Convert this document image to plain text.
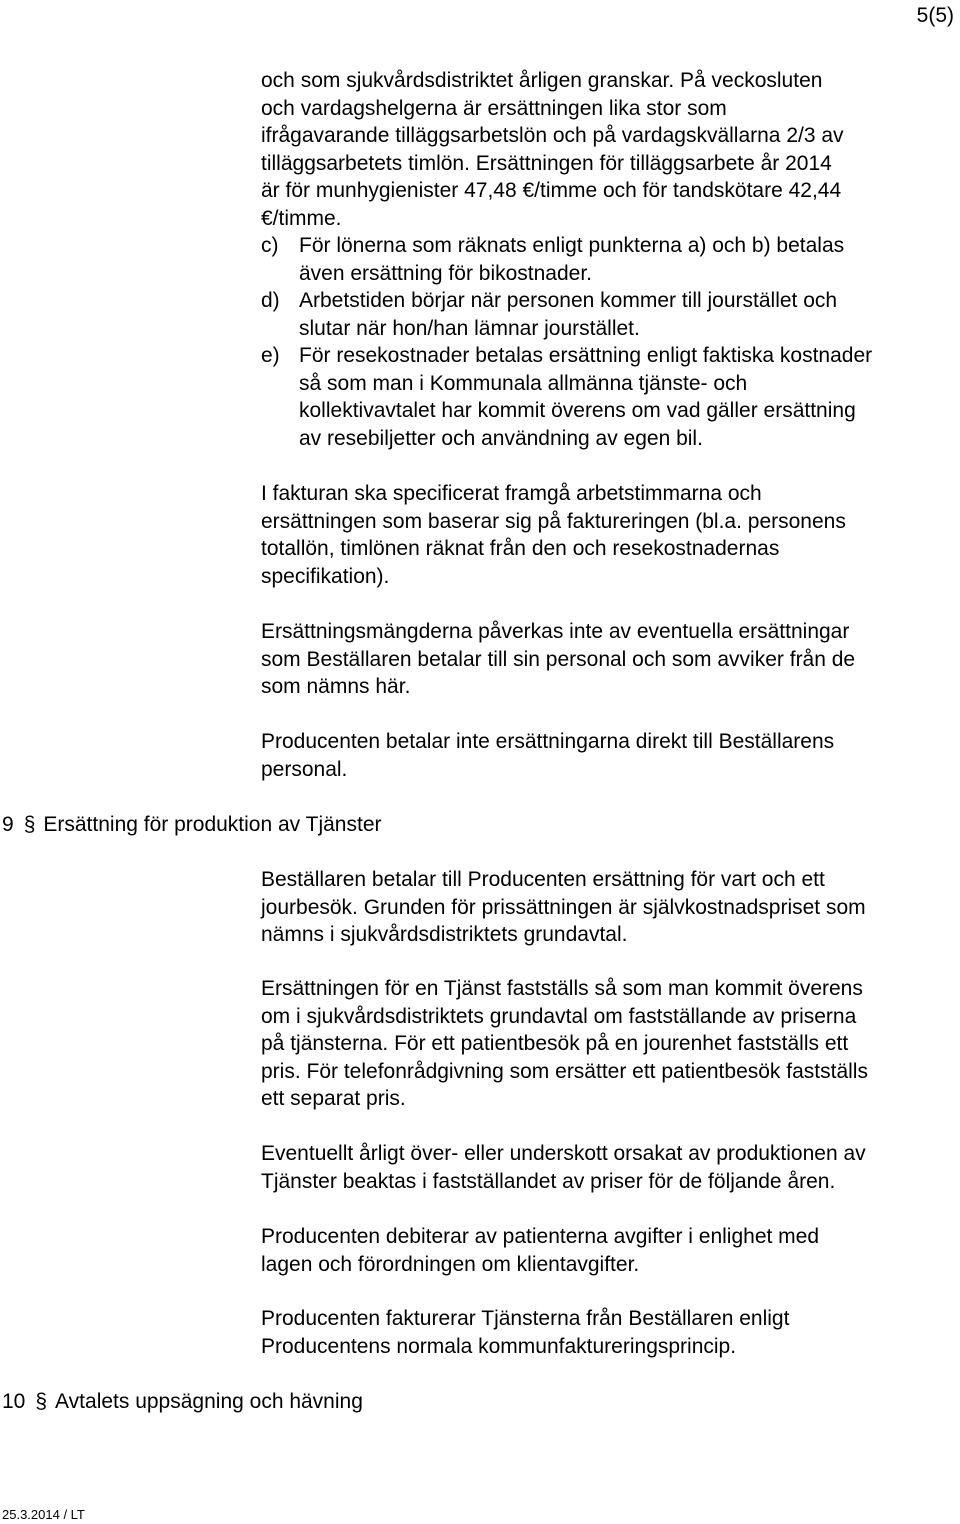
5(5)
och som sjukvårdsdistriktet årligen granskar. På veckosluten
och vardagshelgerna är ersättningen lika stor som
ifrågavarande tilläggsarbetslön och på vardagskvällarna 2/3 av
tilläggsarbetets timlön. Ersättningen för tilläggsarbete år 2014
är för munhygienister 47,48 €/timme och för tandskötare 42,44
€/timme.
c) För lönerna som räknats enligt punkterna a) och b) betalas
även ersättning för bikostnader.
d) Arbetstiden börjar när personen kommer till jourstället och
slutar när hon/han lämnar jourstället.
e) För resekostnader betalas ersättning enligt faktiska kostnader
så som man i Kommunala allmänna tjänste- och
kollektivavtalet har kommit överens om vad gäller ersättning
av resebiljetter och användning av egen bil.
I fakturan ska specificerat framgå arbetstimmarna och
ersättningen som baserar sig på faktureringen (bl.a. personens
totallön, timlönen räknat från den och resekostnadernas
specifikation).
Ersättningsmängderna påverkas inte av eventuella ersättningar
som Beställaren betalar till sin personal och som avviker från de
som nämns här.
Producenten betalar inte ersättningarna direkt till Beställarens
personal.
9 § Ersättning för produktion av Tjänster
Beställaren betalar till Producenten ersättning för vart och ett
jourbesök. Grunden för prissättningen är självkostnadspriset som
nämns i sjukvårdsdistriktets grundavtal.
Ersättningen för en Tjänst fastställs så som man kommit överens
om i sjukvårdsdistriktets grundavtal om fastställande av priserna
på tjänsterna. För ett patientbesök på en jourenhet fastställs ett
pris. För telefonrådgivning som ersätter ett patientbesök fastställs
ett separat pris.
Eventuellt årligt över- eller underskott orsakat av produktionen av
Tjänster beaktas i fastställandet av priser för de följande åren.
Producenten debiterar av patienterna avgifter i enlighet med
lagen och förordningen om klientavgifter.
Producenten fakturerar Tjänsterna från Beställaren enligt
Producentens normala kommunfaktureringsprincip.
10 § Avtalets uppsägning och hävning
25.3.2014 / LT
